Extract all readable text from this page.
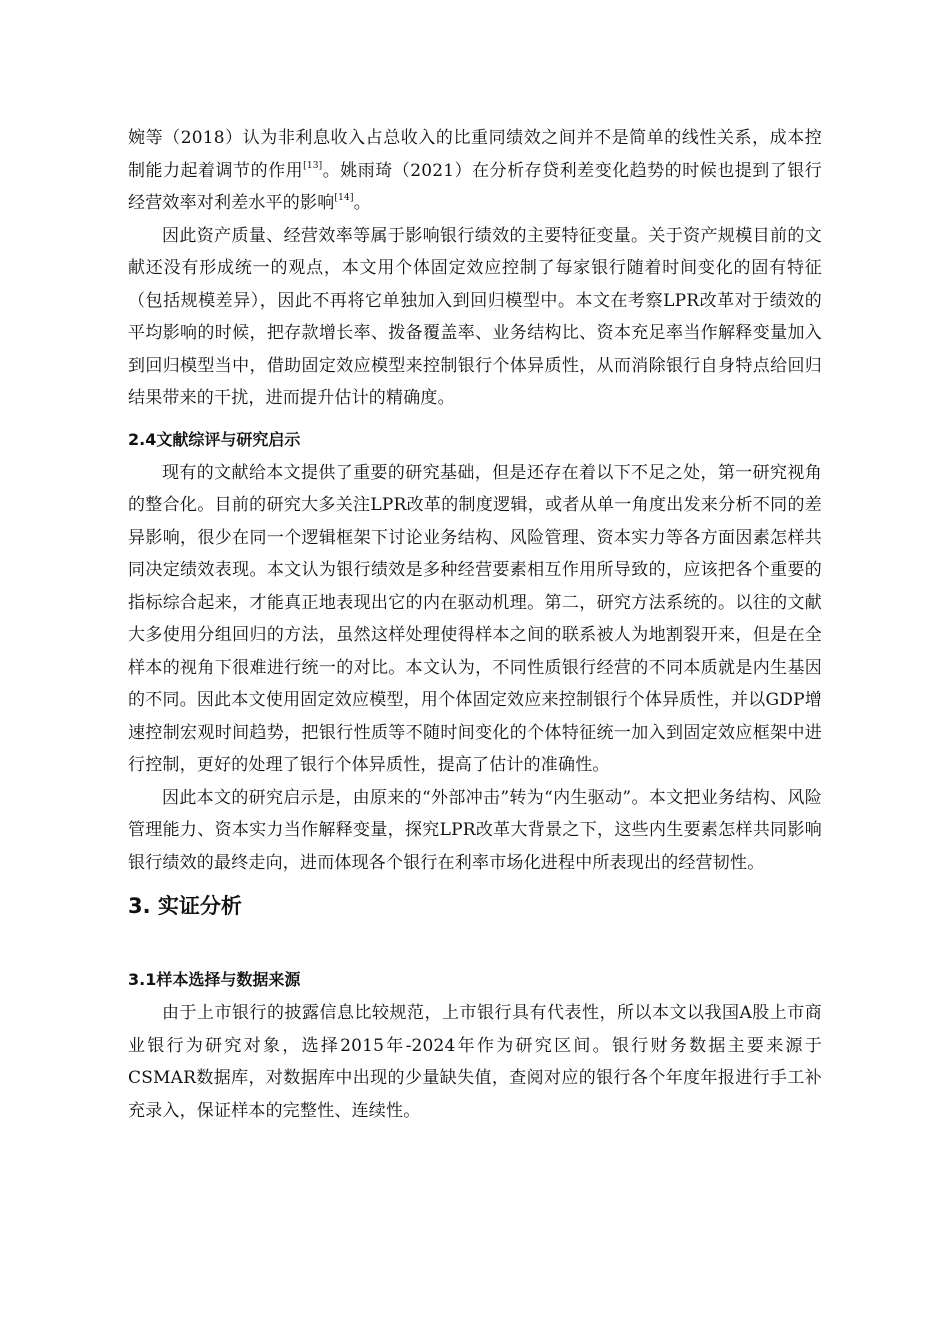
婉等（2018）认为非利息收入占总收入的比重同绩效之间并不是简单的线性关系，成本控制能力起着调节的作用[13]。姚雨琦（2021）在分析存贷利差变化趋势的时候也提到了银行经营效率对利差水平的影响[14]。

因此资产质量、经营效率等属于影响银行绩效的主要特征变量。关于资产规模目前的文献还没有形成统一的观点，本文用个体固定效应控制了每家银行随着时间变化的固有特征（包括规模差异），因此不再将它单独加入到回归模型中。本文在考察LPR改革对于绩效的平均影响的时候，把存款增长率、拨备覆盖率、业务结构比、资本充足率当作解释变量加入到回归模型当中，借助固定效应模型来控制银行个体异质性，从而消除银行自身特点给回归结果带来的干扰，进而提升估计的精确度。

2.4文献综评与研究启示

现有的文献给本文提供了重要的研究基础，但是还存在着以下不足之处，第一研究视角的整合化。目前的研究大多关注LPR改革的制度逻辑，或者从单一角度出发来分析不同的差异影响，很少在同一个逻辑框架下讨论业务结构、风险管理、资本实力等各方面因素怎样共同决定绩效表现。本文认为银行绩效是多种经营要素相互作用所导致的，应该把各个重要的指标综合起来，才能真正地表现出它的内在驱动机理。第二，研究方法系统的。以往的文献大多使用分组回归的方法，虽然这样处理使得样本之间的联系被人为地割裂开来，但是在全样本的视角下很难进行统一的对比。本文认为，不同性质银行经营的不同本质就是内生基因的不同。因此本文使用固定效应模型，用个体固定效应来控制银行个体异质性，并以GDP增速控制宏观时间趋势，把银行性质等不随时间变化的个体特征统一加入到固定效应框架中进行控制，更好的处理了银行个体异质性，提高了估计的准确性。

因此本文的研究启示是，由原来的“外部冲击”转为“内生驱动”。本文把业务结构、风险管理能力、资本实力当作解释变量，探究LPR改革大背景之下，这些内生要素怎样共同影响银行绩效的最终走向，进而体现各个银行在利率市场化进程中所表现出的经营韧性。

3. 实证分析
3.1样本选择与数据来源

由于上市银行的披露信息比较规范，上市银行具有代表性，所以本文以我国A股上市商业银行为研究对象，选择2015年-2024年作为研究区间。银行财务数据主要来源于CSMAR数据库，对数据库中出现的少量缺失值，查阅对应的银行各个年度年报进行手工补充录入，保证样本的完整性、连续性。
